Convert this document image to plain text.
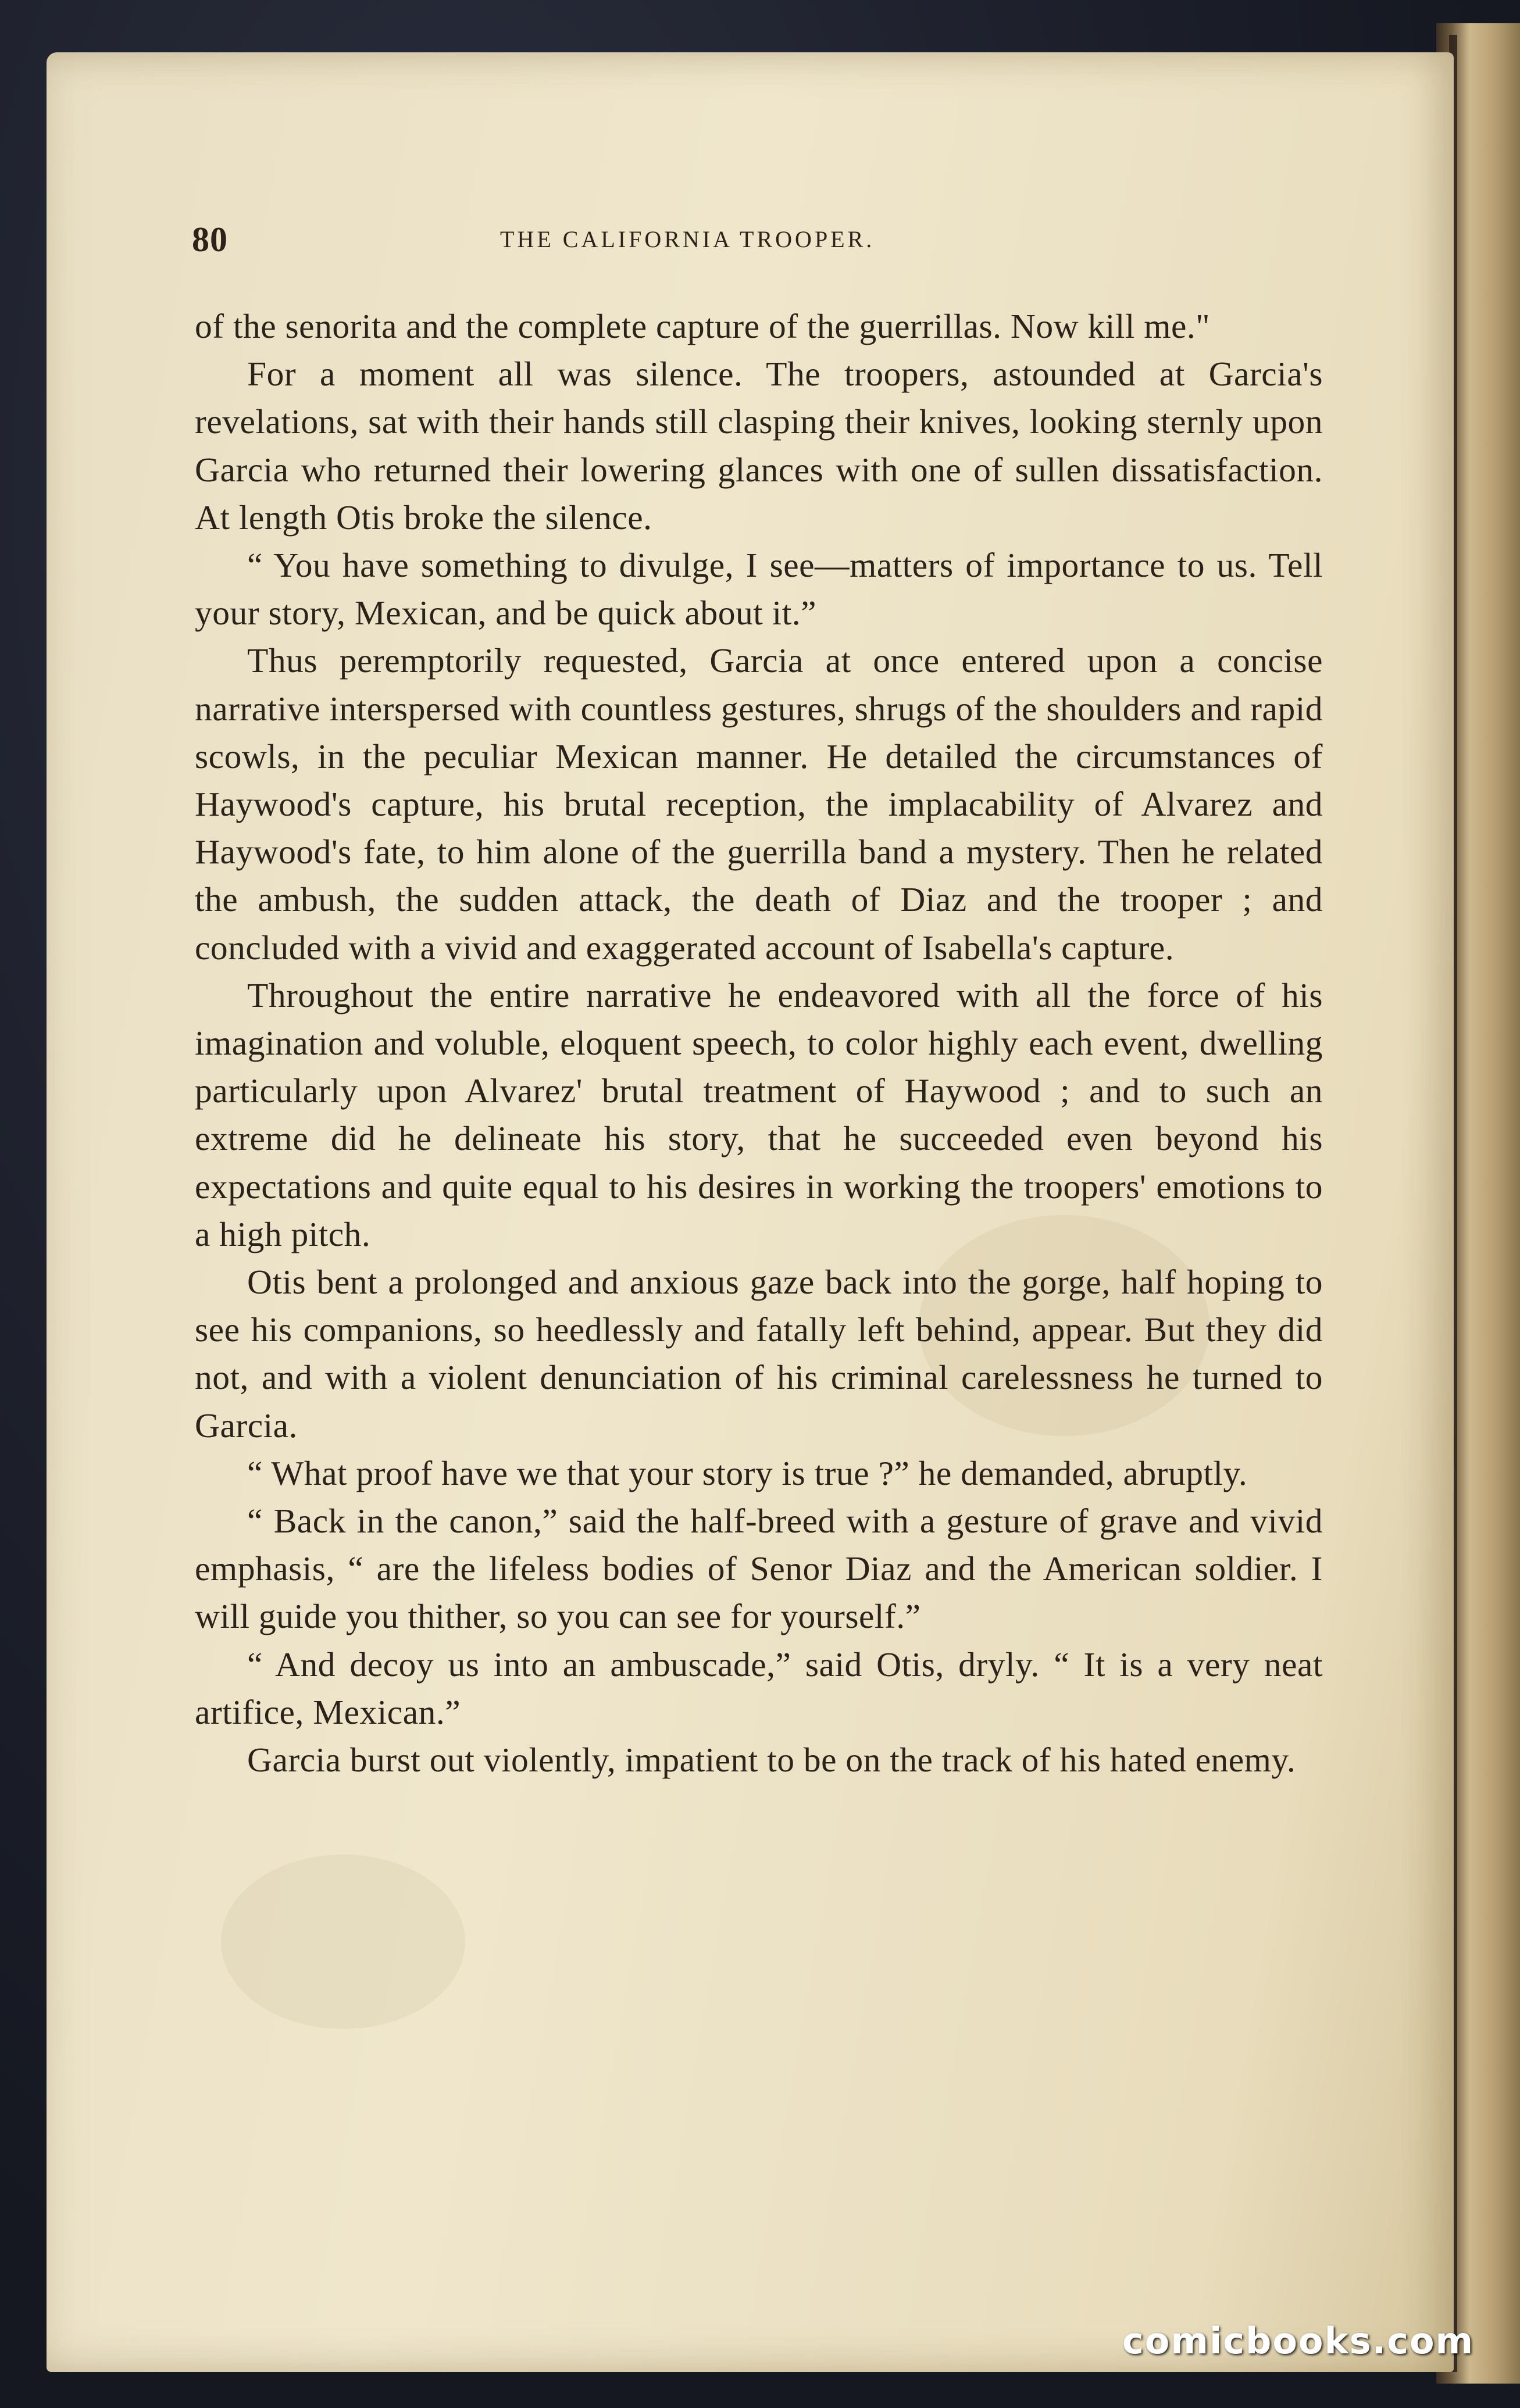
80	THE CALIFORNIA TROOPER.

of the senorita and the complete capture of the guerrillas. Now kill me."

For a moment all was silence. The troopers, astounded at Garcia's revelations, sat with their hands still clasping their knives, looking sternly upon Garcia who returned their lowering glances with one of sullen dissatisfaction. At length Otis broke the silence.

“ You have something to divulge, I see—matters of importance to us. Tell your story, Mexican, and be quick about it.”

Thus peremptorily requested, Garcia at once entered upon a concise narrative interspersed with countless gestures, shrugs of the shoulders and rapid scowls, in the peculiar Mexican manner. He detailed the circumstances of Haywood's capture, his brutal reception, the implacability of Alvarez and Haywood's fate, to him alone of the guerrilla band a mystery. Then he related the ambush, the sudden attack, the death of Diaz and the trooper ; and concluded with a vivid and exaggerated account of Isabella's capture.

Throughout the entire narrative he endeavored with all the force of his imagination and voluble, eloquent speech, to color highly each event, dwelling particularly upon Alvarez' brutal treatment of Haywood ; and to such an extreme did he delineate his story, that he succeeded even beyond his expectations and quite equal to his desires in working the troopers' emotions to a high pitch.

Otis bent a prolonged and anxious gaze back into the gorge, half hoping to see his companions, so heedlessly and fatally left behind, appear. But they did not, and with a violent denunciation of his criminal carelessness he turned to Garcia.

“ What proof have we that your story is true ?” he demanded, abruptly.

“ Back in the canon,” said the half-breed with a gesture of grave and vivid emphasis, “ are the lifeless bodies of Senor Diaz and the American soldier. I will guide you thither, so you can see for yourself.”

“ And decoy us into an ambuscade,” said Otis, dryly. “ It is a very neat artifice, Mexican.”

Garcia burst out violently, impatient to be on the track of his hated enemy.

comicbooks.com
